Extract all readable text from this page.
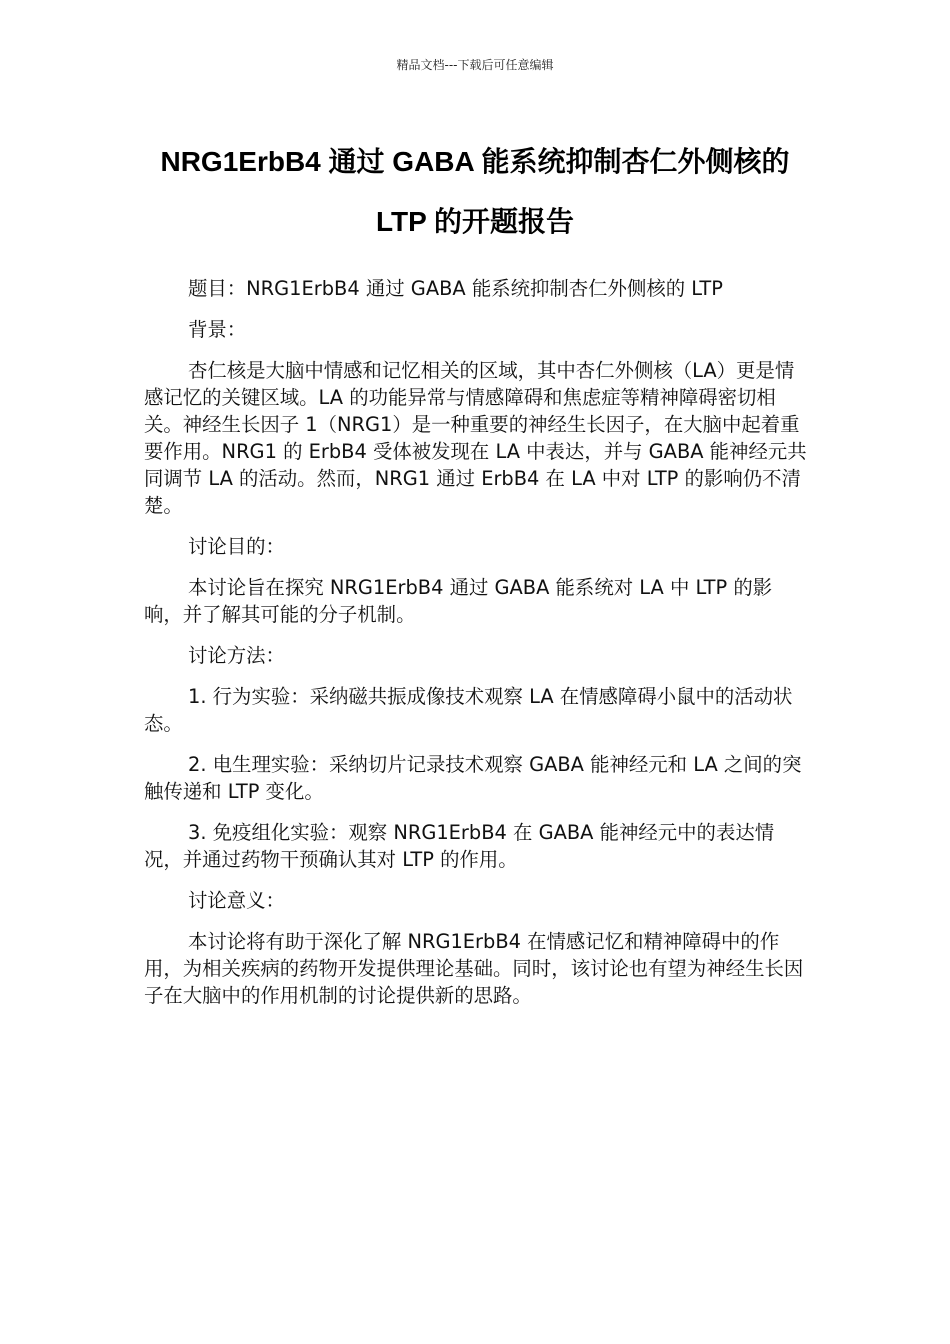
精品文档---下载后可任意编辑
NRG1ErbB4 通过 GABA 能系统抑制杏仁外侧核的
LTP 的开题报告

题目：NRG1ErbB4 通过 GABA 能系统抑制杏仁外侧核的 LTP

背景：

杏仁核是大脑中情感和记忆相关的区域，其中杏仁外侧核（LA）更是情感记忆的关键区域。LA 的功能异常与情感障碍和焦虑症等精神障碍密切相关。神经生长因子 1（NRG1）是一种重要的神经生长因子，在大脑中起着重要作用。NRG1 的 ErbB4 受体被发现在 LA 中表达，并与 GABA 能神经元共同调节 LA 的活动。然而，NRG1 通过 ErbB4 在 LA 中对 LTP 的影响仍不清楚。

讨论目的：

本讨论旨在探究 NRG1ErbB4 通过 GABA 能系统对 LA 中 LTP 的影响，并了解其可能的分子机制。

讨论方法：

1. 行为实验：采纳磁共振成像技术观察 LA 在情感障碍小鼠中的活动状态。

2. 电生理实验：采纳切片记录技术观察 GABA 能神经元和 LA 之间的突触传递和 LTP 变化。

3. 免疫组化实验：观察 NRG1ErbB4 在 GABA 能神经元中的表达情况，并通过药物干预确认其对 LTP 的作用。

讨论意义：

本讨论将有助于深化了解 NRG1ErbB4 在情感记忆和精神障碍中的作用，为相关疾病的药物开发提供理论基础。同时，该讨论也有望为神经生长因子在大脑中的作用机制的讨论提供新的思路。
